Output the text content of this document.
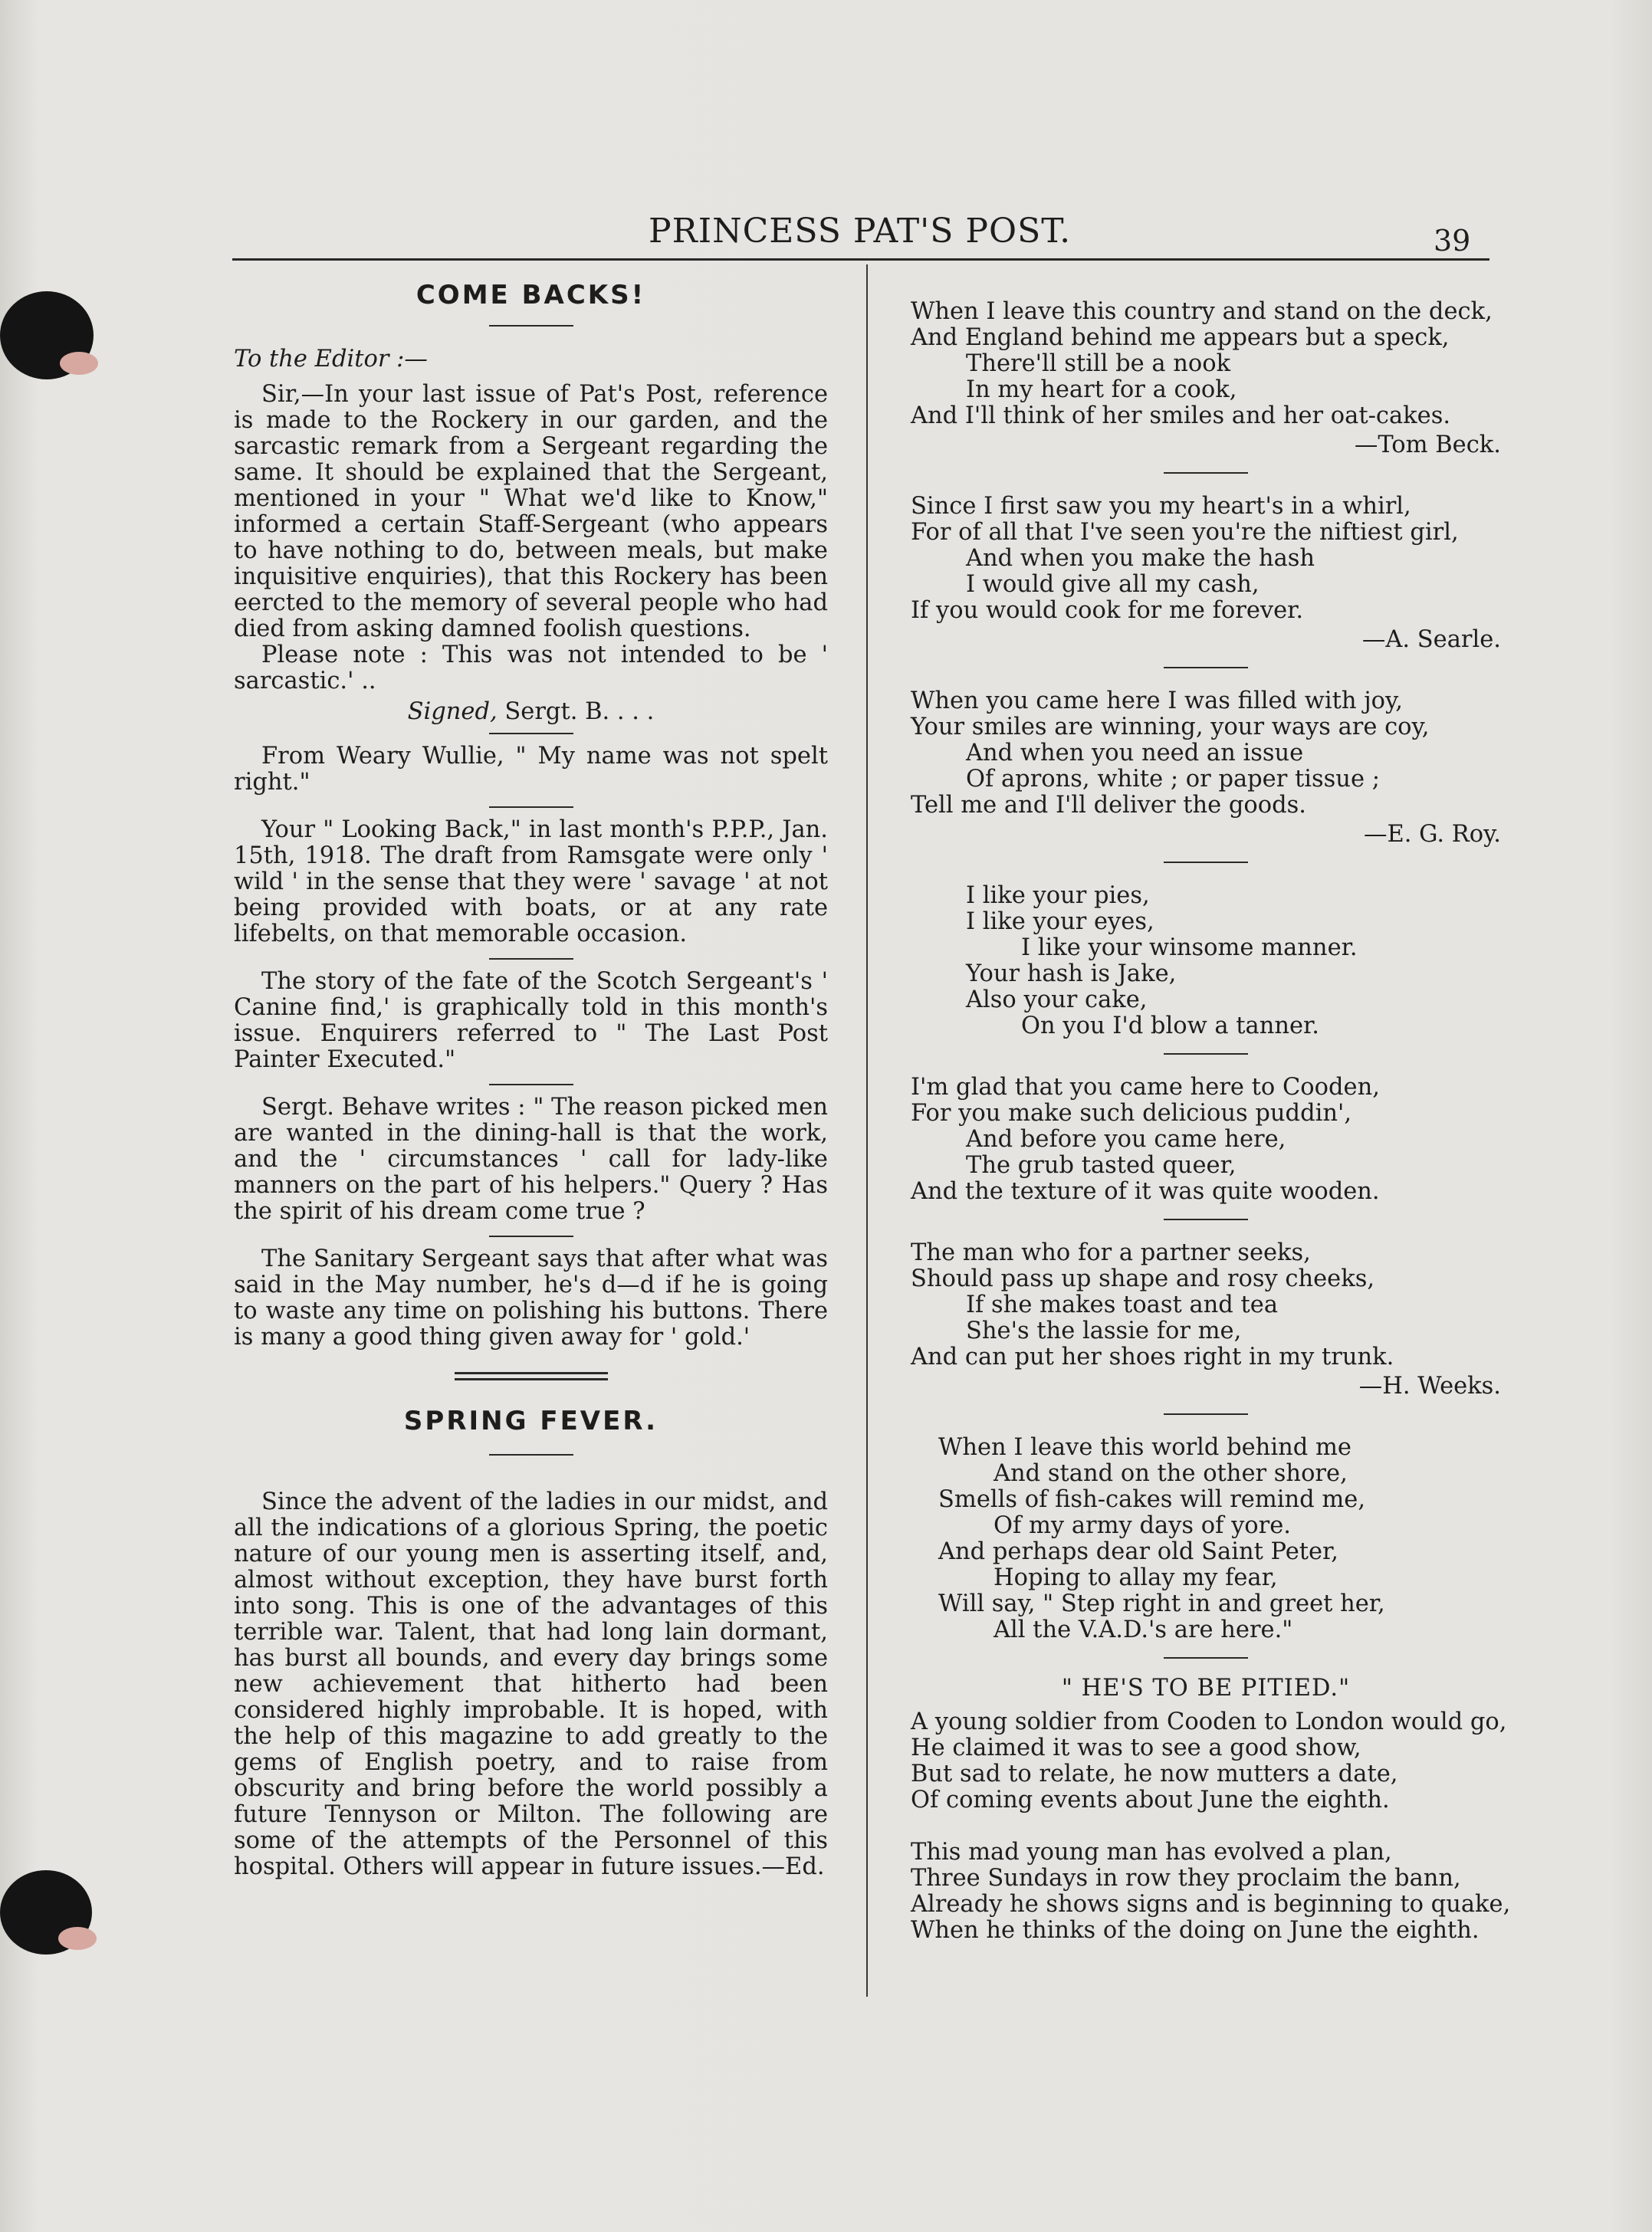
PRINCESS PAT'S POST.	39
COME BACKS!

To the Editor :—

Sir,—In your last issue of Pat's Post, reference is made to the Rockery in our garden, and the sarcastic remark from a Sergeant regarding the same. It should be explained that the Sergeant, mentioned in your " What we'd like to Know," informed a certain Staff-Sergeant (who appears to have nothing to do, between meals, but make inquisitive enquiries), that this Rockery has been eercted to the memory of several people who had died from asking damned foolish questions.

Please note : This was not intended to be ' sarcastic.' ..

Signed, Sergt. B. . . .

From Weary Wullie, " My name was not spelt right."

Your " Looking Back," in last month's P.P.P., Jan. 15th, 1918. The draft from Ramsgate were only ' wild ' in the sense that they were ' savage ' at not being provided with boats, or at any rate lifebelts, on that memorable occasion.

The story of the fate of the Scotch Sergeant's ' Canine find,' is graphically told in this month's issue. Enquirers referred to " The Last Post Painter Executed."

Sergt. Behave writes : " The reason picked men are wanted in the dining-hall is that the work, and the ' circumstances ' call for lady-like manners on the part of his helpers." Query ? Has the spirit of his dream come true ?

The Sanitary Sergeant says that after what was said in the May number, he's d—d if he is going to waste any time on polishing his buttons. There is many a good thing given away for ' gold.'

SPRING FEVER.

Since the advent of the ladies in our midst, and all the indications of a glorious Spring, the poetic nature of our young men is asserting itself, and, almost without exception, they have burst forth into song. This is one of the advantages of this terrible war. Talent, that had long lain dormant, has burst all bounds, and every day brings some new achievement that hitherto had been considered highly improbable. It is hoped, with the help of this magazine to add greatly to the gems of English poetry, and to raise from obscurity and bring before the world possibly a future Tennyson or Milton. The following are some of the attempts of the Personnel of this hospital. Others will appear in future issues.—Ed.

When I leave this country and stand on the deck,
And England behind me appears but a speck,
There'll still be a nook
In my heart for a cook,
And I'll think of her smiles and her oat-cakes.
—Tom Beck.
Since I first saw you my heart's in a whirl,
For of all that I've seen you're the niftiest girl,
And when you make the hash
I would give all my cash,
If you would cook for me forever.
—A. Searle.
When you came here I was filled with joy,
Your smiles are winning, your ways are coy,
And when you need an issue
Of aprons, white ; or paper tissue ;
Tell me and I'll deliver the goods.
—E. G. Roy.
I like your pies,
I like your eyes,
I like your winsome manner.
Your hash is Jake,
Also your cake,
On you I'd blow a tanner.
I'm glad that you came here to Cooden,
For you make such delicious puddin',
And before you came here,
The grub tasted queer,
And the texture of it was quite wooden.
The man who for a partner seeks,
Should pass up shape and rosy cheeks,
If she makes toast and tea
She's the lassie for me,
And can put her shoes right in my trunk.
—H. Weeks.
When I leave this world behind me
And stand on the other shore,
Smells of fish-cakes will remind me,
Of my army days of yore.
And perhaps dear old Saint Peter,
Hoping to allay my fear,
Will say, " Step right in and greet her,
All the V.A.D.'s are here."
" HE'S TO BE PITIED."
A young soldier from Cooden to London would go,
He claimed it was to see a good show,
But sad to relate, he now mutters a date,
Of coming events about June the eighth.
This mad young man has evolved a plan,
Three Sundays in row they proclaim the bann,
Already he shows signs and is beginning to quake,
When he thinks of the doing on June the eighth.
